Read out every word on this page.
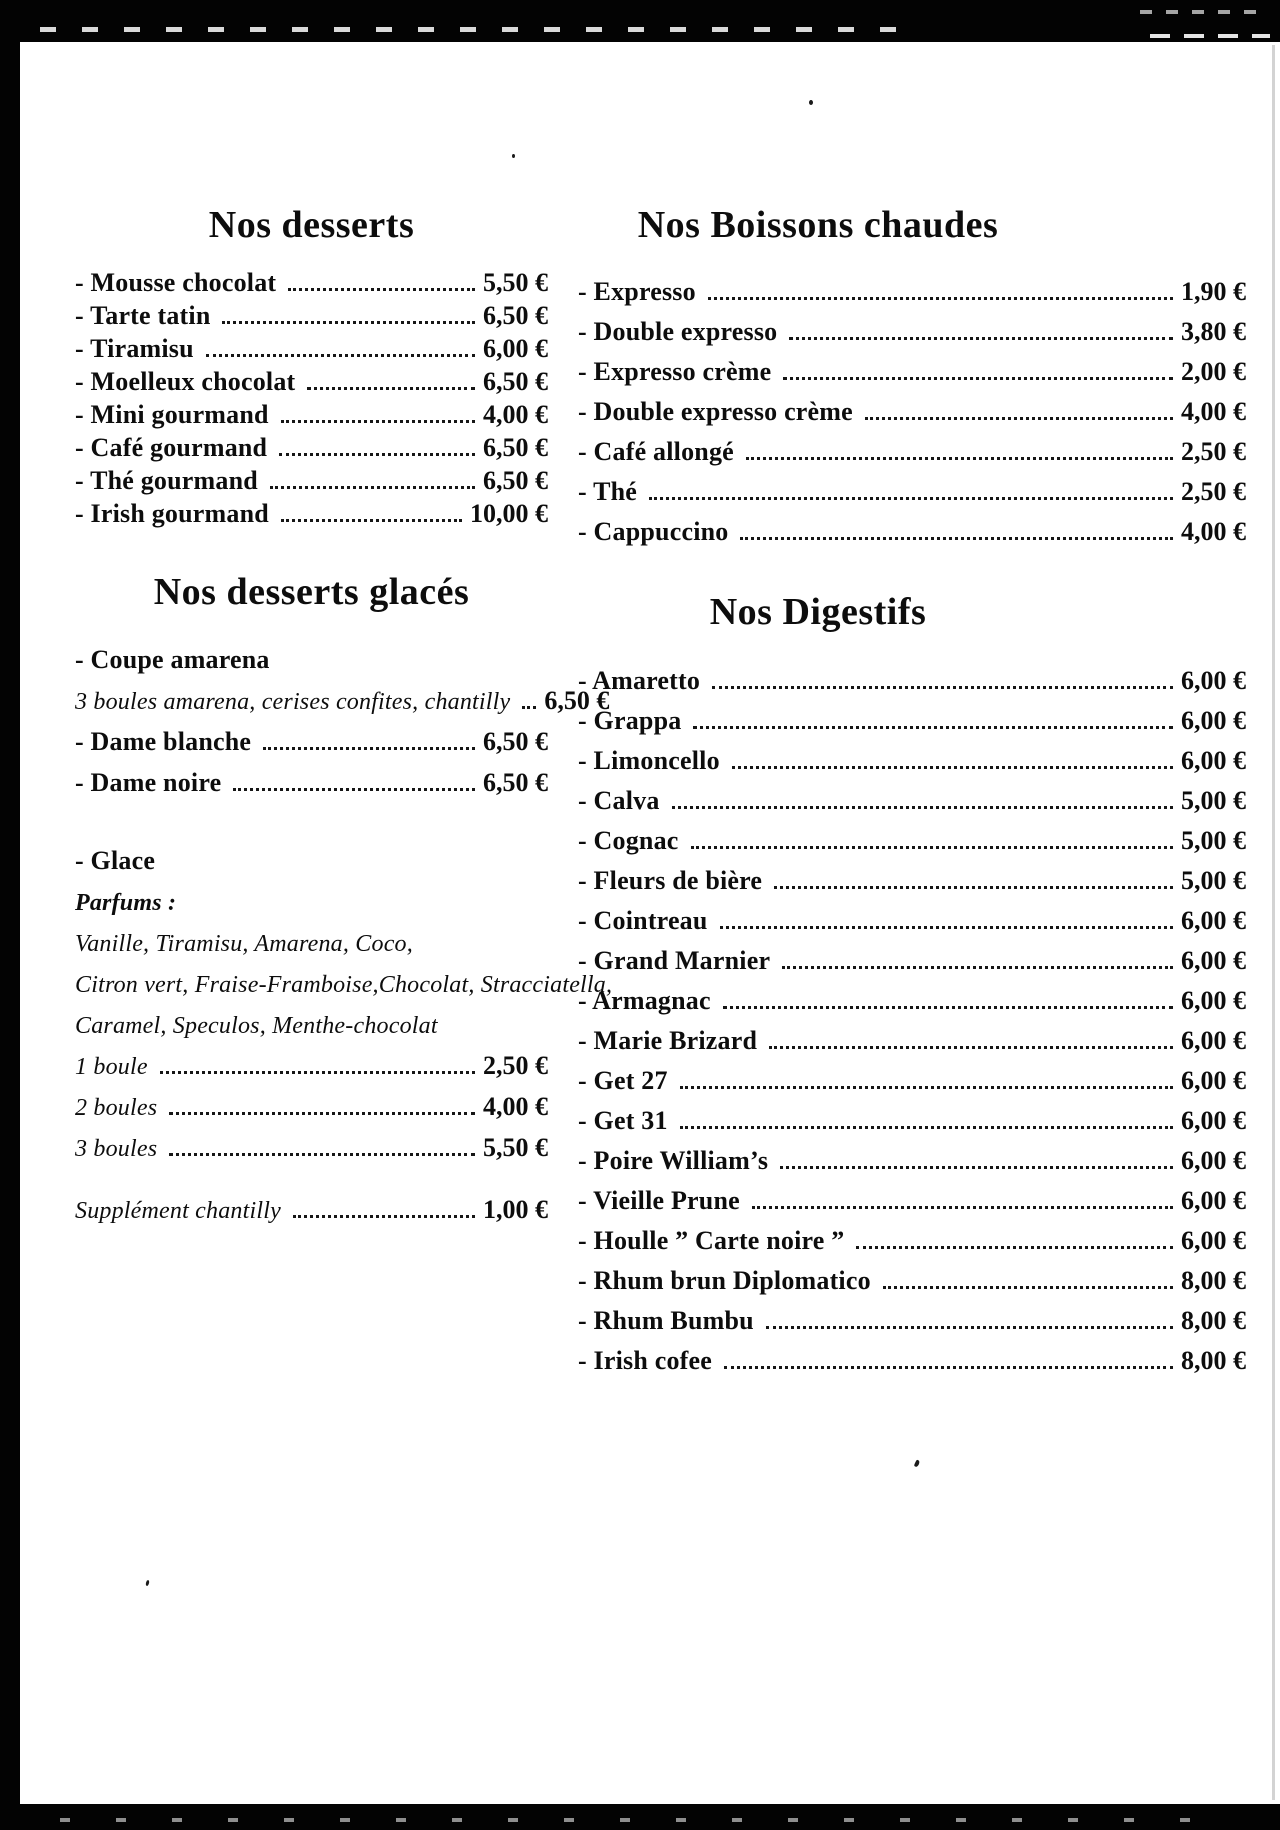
Nos desserts
- Mousse chocolat	5,50 €
- Tarte tatin	6,50 €
- Tiramisu	6,00 €
- Moelleux chocolat	6,50 €
- Mini gourmand	4,00 €
- Café gourmand	6,50 €
- Thé gourmand	6,50 €
- Irish gourmand	10,00 €
Nos Boissons chaudes
- Expresso	1,90 €
- Double expresso	3,80 €
- Expresso crème	2,00 €
- Double expresso crème	4,00 €
- Café allongé	2,50 €
- Thé	2,50 €
- Cappuccino	4,00 €
Nos desserts glacés
- Coupe amarena
3 boules amarena, cerises confites, chantilly 6,50 €
- Dame blanche	6,50 €
- Dame noire	6,50 €
- Glace
Parfums :
Vanille, Tiramisu, Amarena, Coco,
Citron vert, Fraise-Framboise,Chocolat, Stracciatella,
Caramel, Speculos, Menthe-chocolat
1 boule	2,50 €
2 boules	4,00 €
3 boules	5,50 €
Supplément chantilly	1,00 €
Nos Digestifs
- Amaretto	6,00 €
- Grappa	6,00 €
- Limoncello	6,00 €
- Calva	5,00 €
- Cognac	5,00 €
- Fleurs de bière	5,00 €
- Cointreau	6,00 €
- Grand Marnier	6,00 €
- Armagnac	6,00 €
- Marie Brizard	6,00 €
- Get 27	6,00 €
- Get 31	6,00 €
- Poire William’s	6,00 €
- Vieille Prune	6,00 €
- Houlle ” Carte noire ”	6,00 €
- Rhum brun Diplomatico	8,00 €
- Rhum Bumbu	8,00 €
- Irish cofee	8,00 €
